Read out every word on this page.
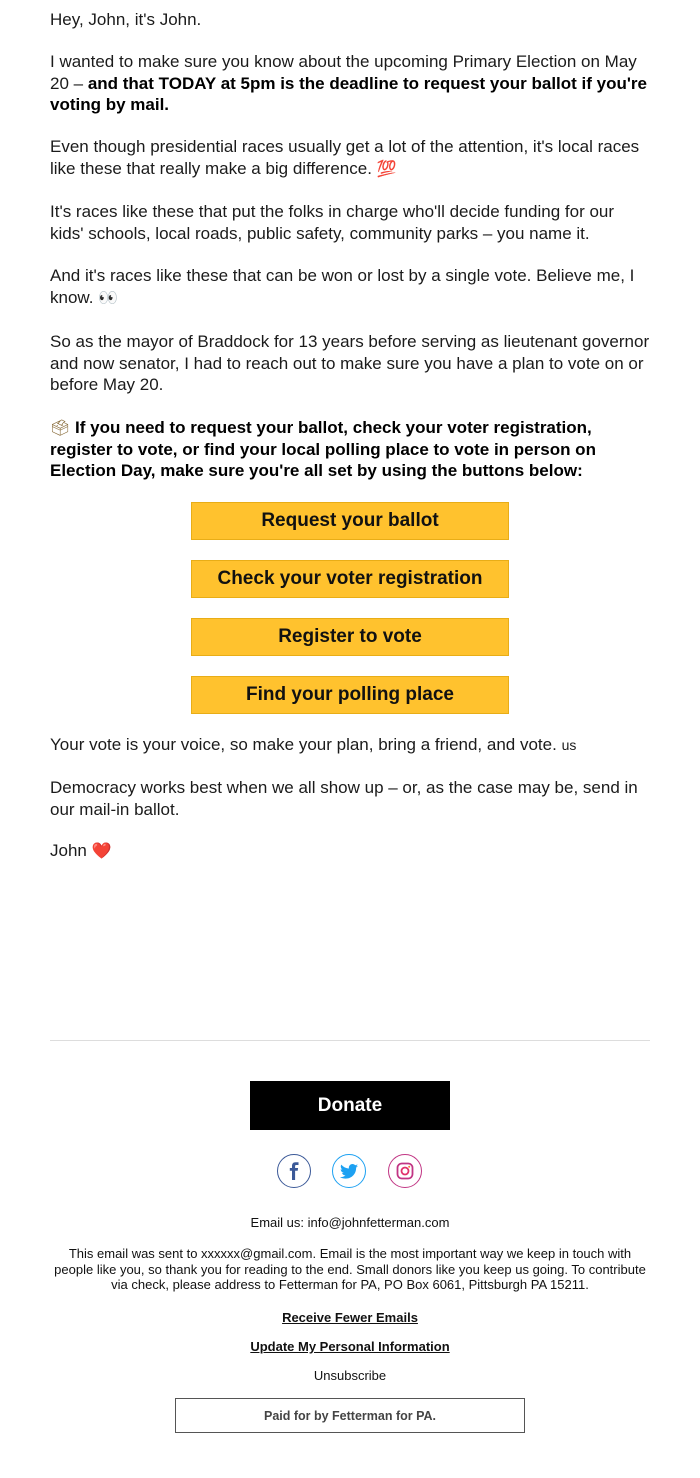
Hey, John, it's John.

I wanted to make sure you know about the upcoming Primary Election on May 20 – and that TODAY at 5pm is the deadline to request your ballot if you're voting by mail.

Even though presidential races usually get a lot of the attention, it's local races like these that really make a big difference. 💯

It's races like these that put the folks in charge who'll decide funding for our kids' schools, local roads, public safety, community parks – you name it.

And it's races like these that can be won or lost by a single vote. Believe me, I know. 👀

So as the mayor of Braddock for 13 years before serving as lieutenant governor and now senator, I had to reach out to make sure you have a plan to vote on or before May 20.

🗳 If you need to request your ballot, check your voter registration, register to vote, or find your local polling place to vote in person on Election Day, make sure you're all set by using the buttons below:

Your vote is your voice, so make your plan, bring a friend, and vote. us

Democracy works best when we all show up – or, as the case may be, send in our mail-in ballot.

John ❤️

Request your ballot
Check your voter registration
Register to vote
Find your polling place
Donate
Email us: info@johnfetterman.com
This email was sent to xxxxxx@gmail.com. Email is the most important way we keep in touch with people like you, so thank you for reading to the end. Small donors like you keep us going. To contribute via check, please address to Fetterman for PA, PO Box 6061, Pittsburgh PA 15211.
Receive Fewer Emails
Update My Personal Information
Unsubscribe
Paid for by Fetterman for PA.
